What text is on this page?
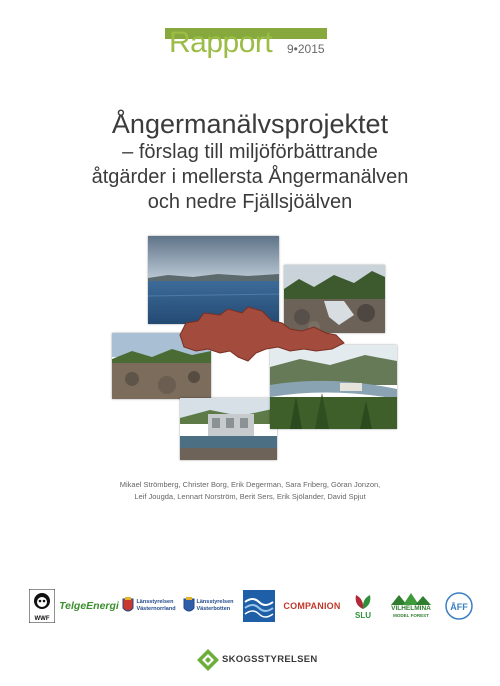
Rapport 9•2015
Ångermanälvsprojektet
– förslag till miljöförbättrande
åtgärder i mellersta Ångermanälven
och nedre Fjällsjöälven
Mikael Strömberg, Christer Borg, Erik Degerman, Sara Friberg, Göran Jonzon,
Leif Jougda, Lennart Norström, Berit Sers, Erik Sjölander, David Spjut
WWF
TelgeEnergi	Länsstyrelsen
Västernorrland
Länsstyrelsen
Västerbotten	COMPANION
SLU
VILHELMINA
MODEL FOREST
ÅFF
SKOGSSTYRELSEN
